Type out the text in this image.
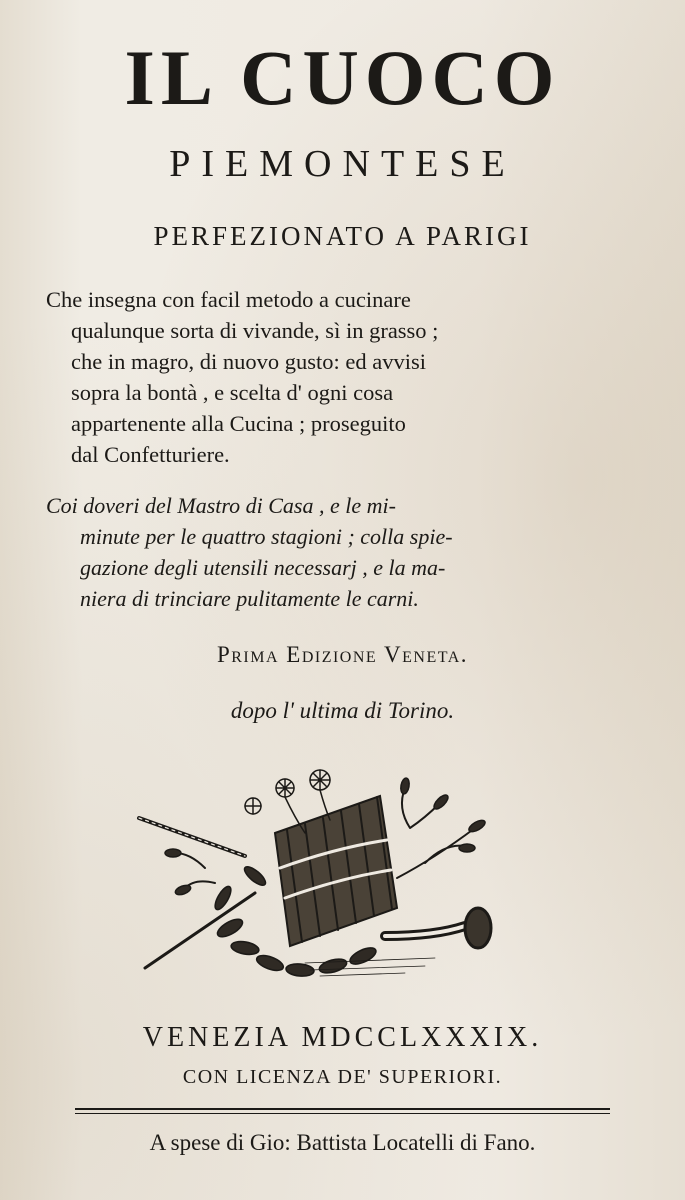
IL CUOCO
PIEMONTESE
PERFEZIONATO A PARIGI
Che insegna con facil metodo a cucinare
qualunque sorta di vivande, sì in grasso ;
che in magro, di nuovo gusto: ed avvisi
sopra la bontà , e scelta d' ogni cosa
appartenente alla Cucina ; proseguito
dal Confetturiere.
Coi doveri del Mastro di Casa , e le mi-
minute per le quattro stagioni ; colla spie-
gazione degli utensili necessarj , e la ma-
niera di trinciare pulitamente le carni.
Prima Edizione Veneta.
dopo l' ultima di Torino.
VENEZIA MDCCLXXXIX.
CON LICENZA DE' SUPERIORI.
A spese di Gio: Battista Locatelli di Fano.
